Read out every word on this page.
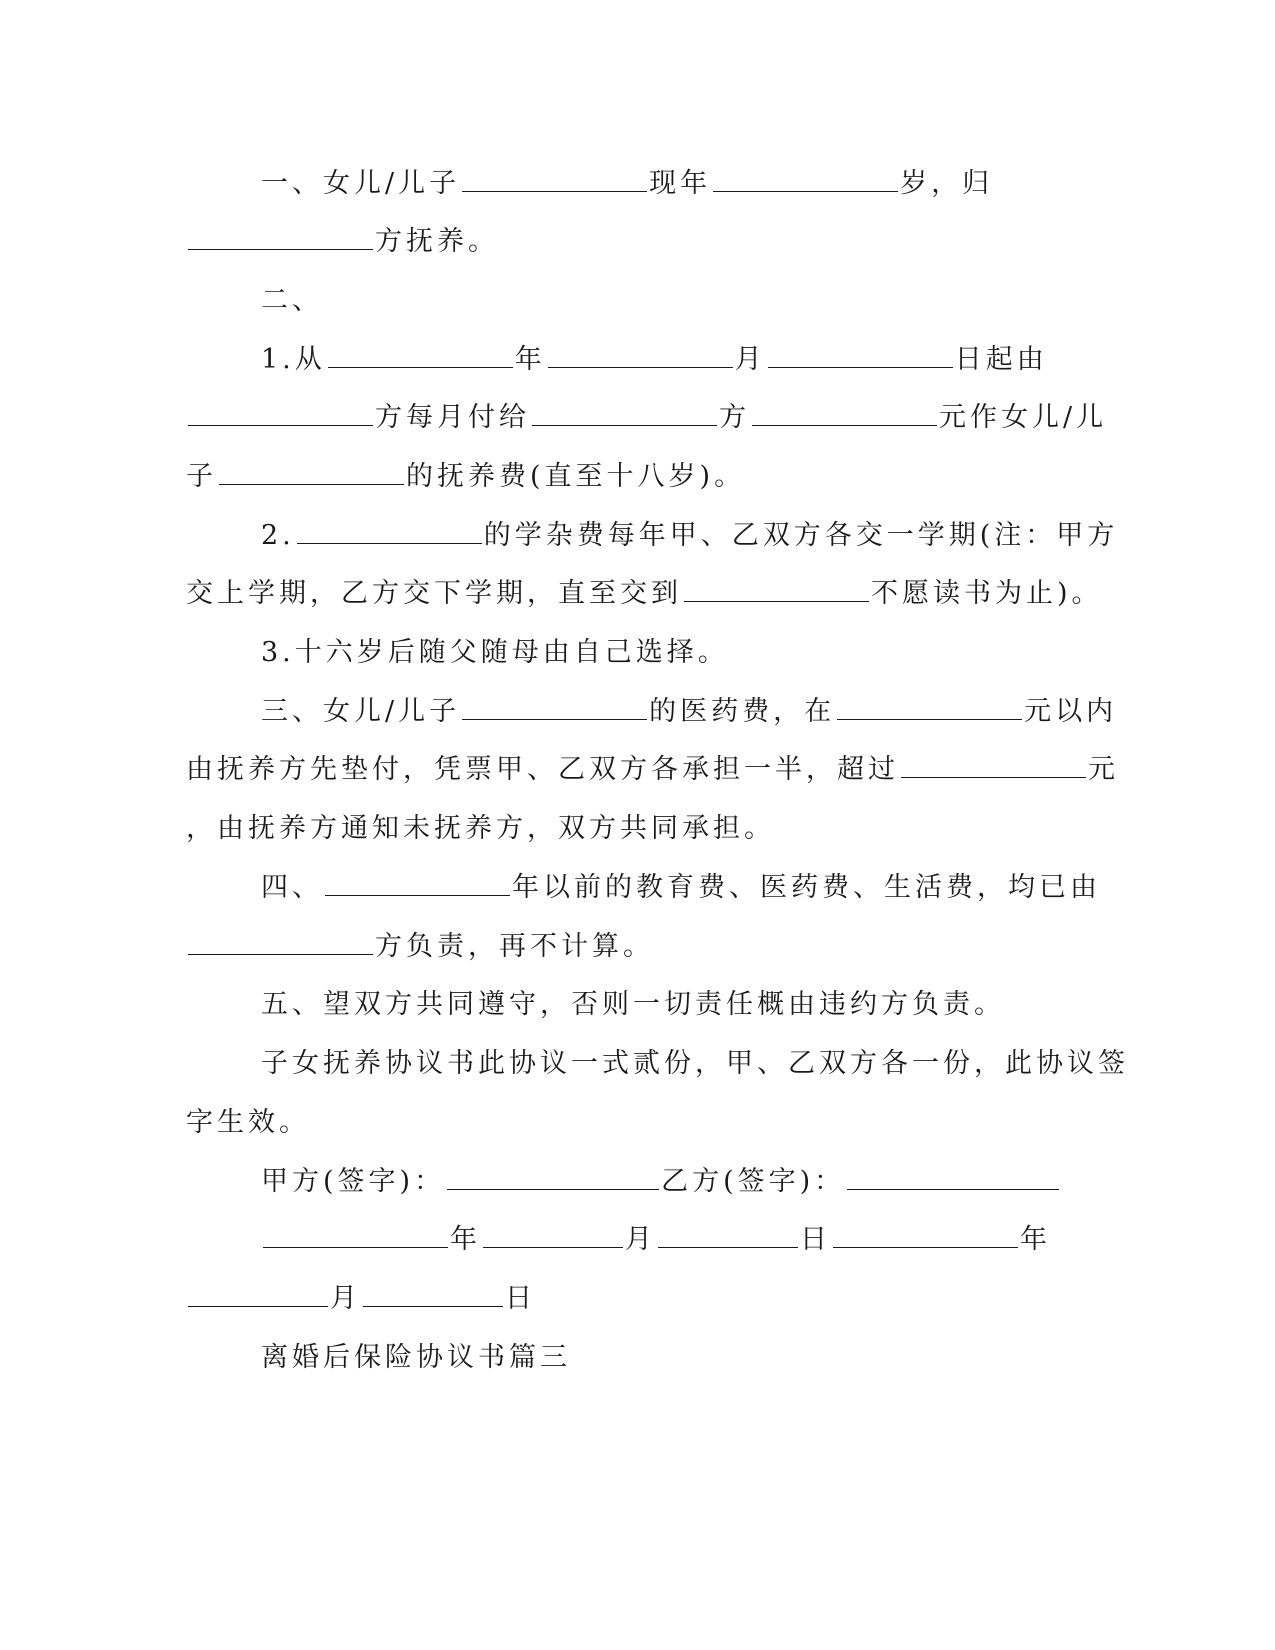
一、女儿/儿子	现年	岁，归
方抚养。
二、
1.从	年	月	日起由
方每月付给	方	元作女儿/儿
子	的抚养费(直至十八岁)。
2.	的学杂费每年甲、乙双方各交一学期(注：甲方
交上学期，乙方交下学期，直至交到	不愿读书为止)。
3.十六岁后随父随母由自己选择。
三、女儿/儿子	的医药费，在	元以内
由抚养方先垫付，凭票甲、乙双方各承担一半，超过	元
，由抚养方通知未抚养方，双方共同承担。
四、	年以前的教育费、医药费、生活费，均已由
方负责，再不计算。
五、望双方共同遵守，否则一切责任概由违约方负责。
子女抚养协议书此协议一式贰份，甲、乙双方各一份，此协议签
字生效。
甲方(签字)：	乙方(签字)：
年	月	日	年
月	日
离婚后保险协议书篇三
